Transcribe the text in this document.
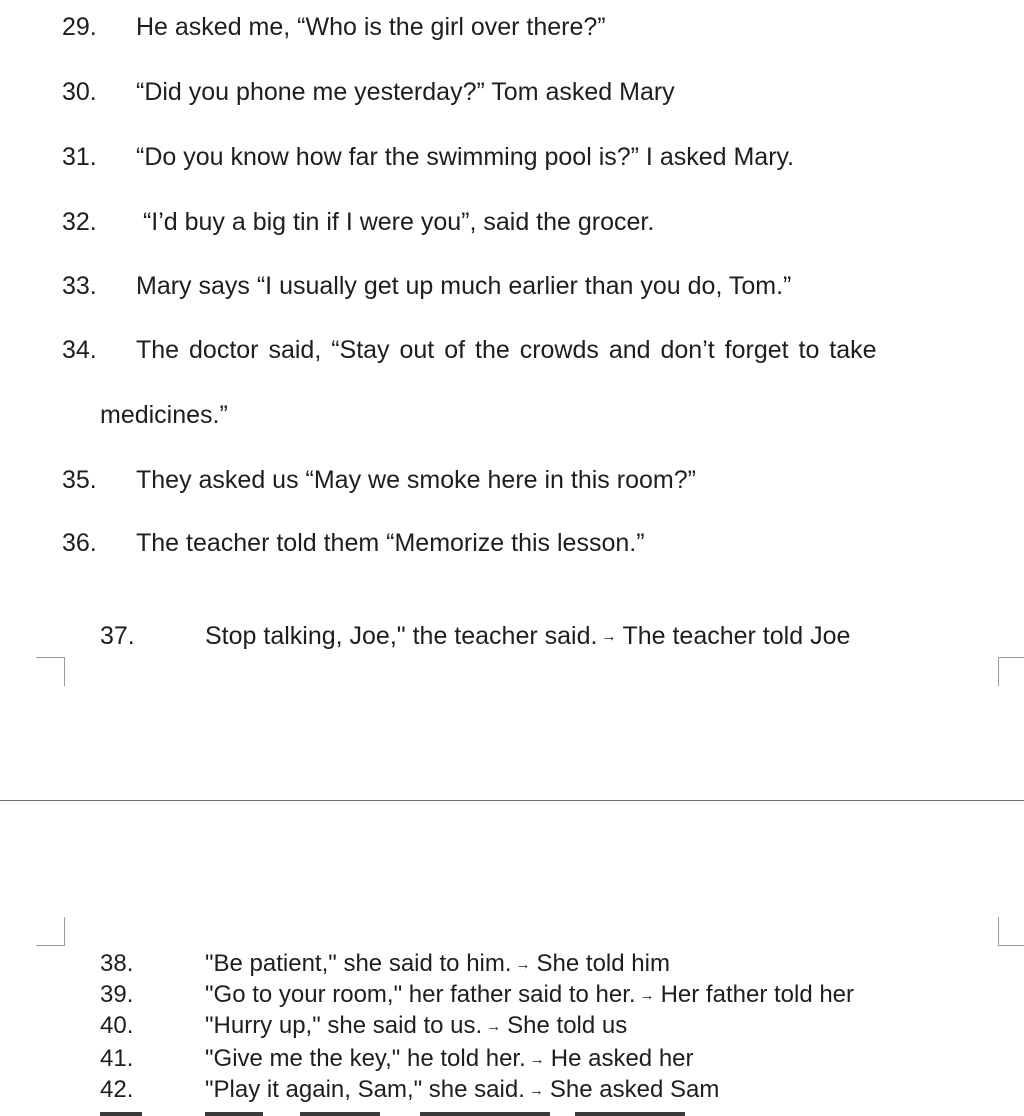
29. He asked me, “Who is the girl over there?”
30. “Did you phone me yesterday?” Tom asked Mary
31. “Do you know how far the swimming pool is?” I asked Mary.
32. “I’d buy a big tin if I were you”, said the grocer.
33. Mary says “I usually get up much earlier than you do, Tom.”
34. The doctor said, “Stay out of the crowds and don’t forget to take
medicines.”
35. They asked us “May we smoke here in this room?”
36. The teacher told them “Memorize this lesson.”
37.	Stop talking, Joe," the teacher said. → The teacher told Joe
38.	"Be patient," she said to him. → She told him
39.	"Go to your room," her father said to her. → Her father told her
40.	"Hurry up," she said to us. → She told us
41.	"Give me the key," he told her. → He asked her
42.	"Play it again, Sam," she said. → She asked Sam
